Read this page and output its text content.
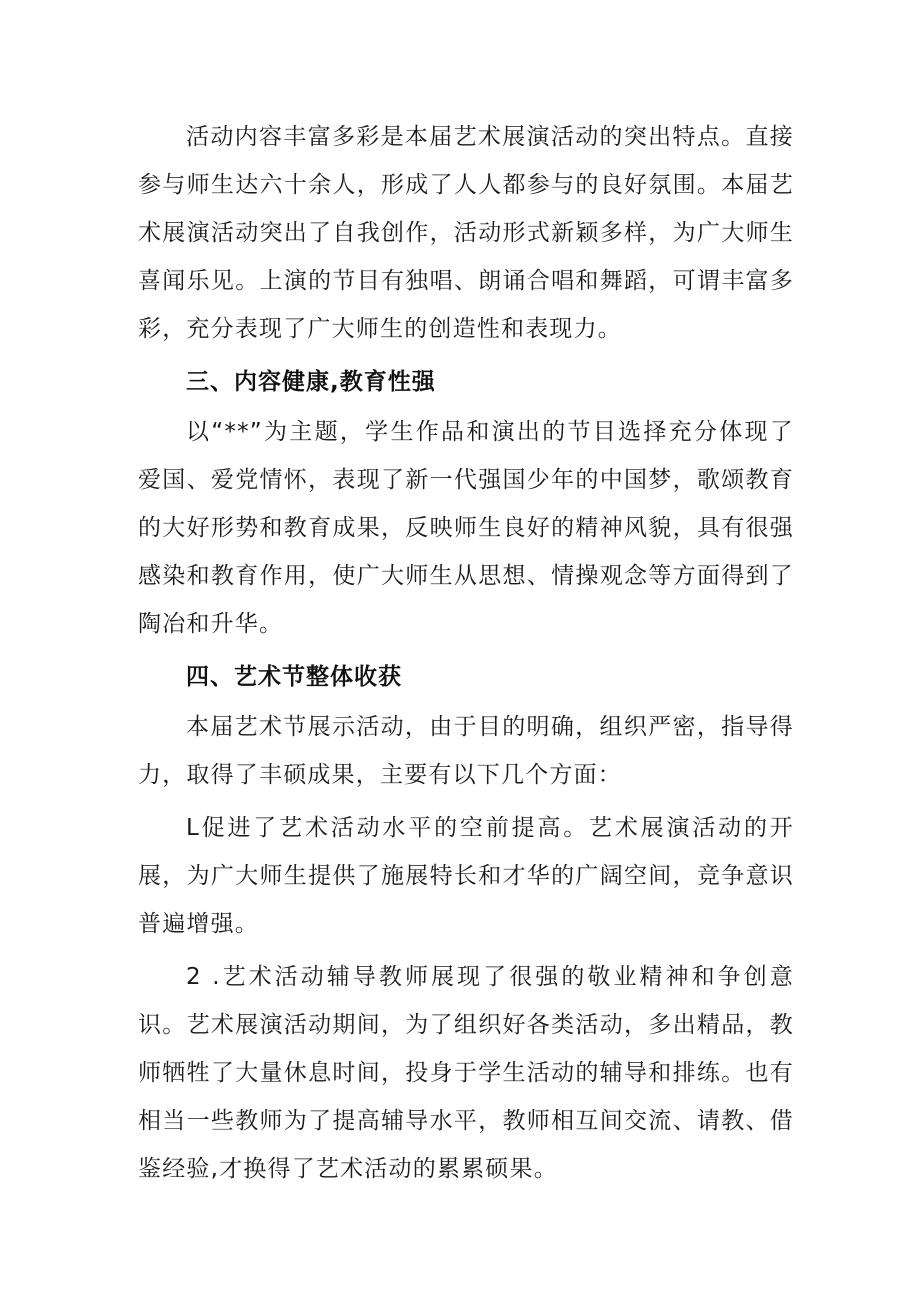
活动内容丰富多彩是本届艺术展演活动的突出特点。直接参与师生达六十余人，形成了人人都参与的良好氛围。本届艺术展演活动突出了自我创作，活动形式新颖多样，为广大师生喜闻乐见。上演的节目有独唱、朗诵合唱和舞蹈，可谓丰富多彩，充分表现了广大师生的创造性和表现力。

三、内容健康,教育性强

以“**”为主题，学生作品和演出的节目选择充分体现了爱国、爱党情怀，表现了新一代强国少年的中国梦，歌颂教育的大好形势和教育成果，反映师生良好的精神风貌，具有很强感染和教育作用，使广大师生从思想、情操观念等方面得到了陶冶和升华。

四、艺术节整体收获

本届艺术节展示活动，由于目的明确，组织严密，指导得力，取得了丰硕成果，主要有以下几个方面：

L促进了艺术活动水平的空前提高。艺术展演活动的开展，为广大师生提供了施展特长和才华的广阔空间，竞争意识普遍增强。

2 .艺术活动辅导教师展现了很强的敬业精神和争创意识。艺术展演活动期间，为了组织好各类活动，多出精品，教师牺牲了大量休息时间，投身于学生活动的辅导和排练。也有相当一些教师为了提高辅导水平，教师相互间交流、请教、借鉴经验,才换得了艺术活动的累累硕果。
